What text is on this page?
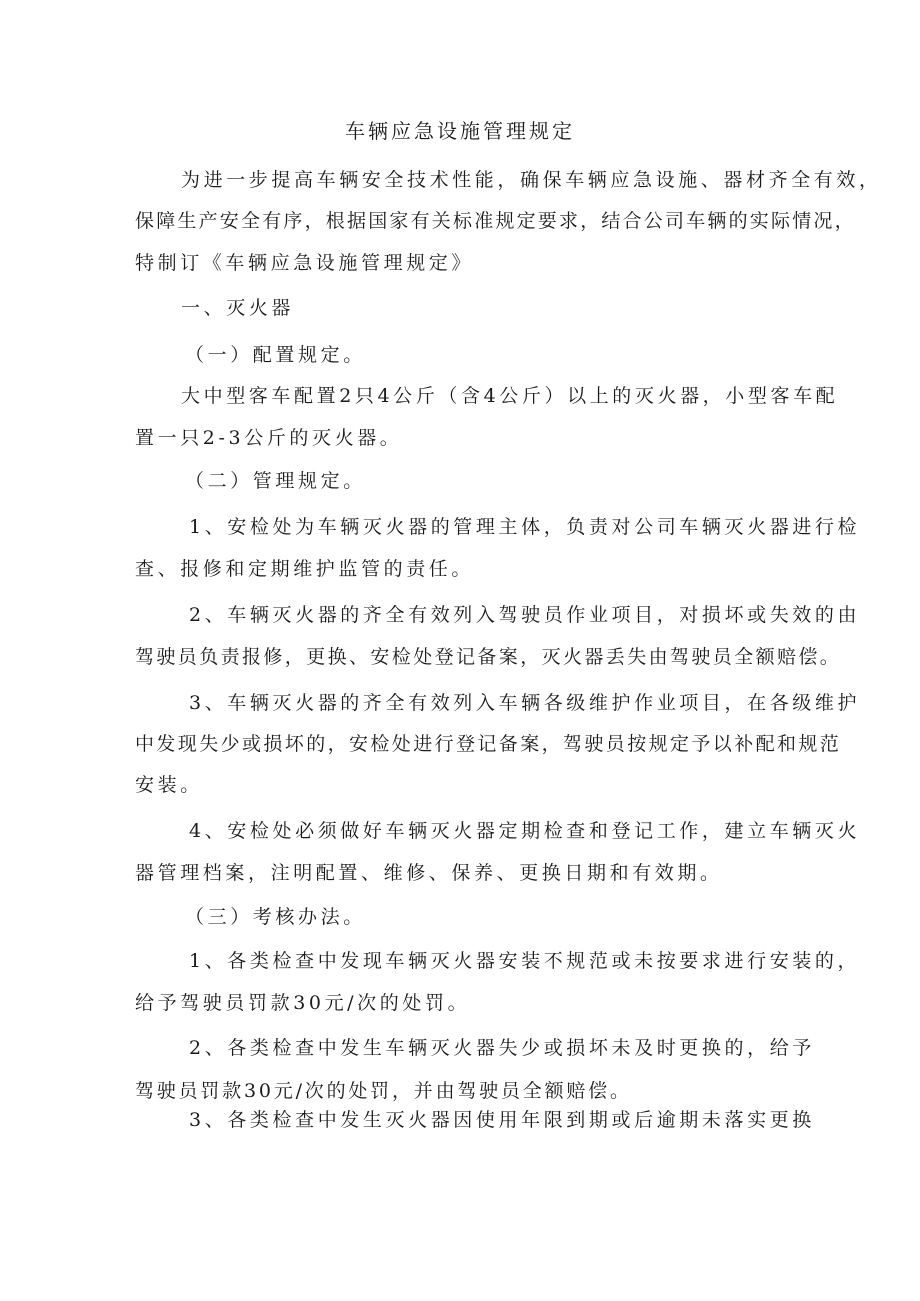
车辆应急设施管理规定
为进一步提高车辆安全技术性能，确保车辆应急设施、器材齐全有效，
保障生产安全有序，根据国家有关标准规定要求，结合公司车辆的实际情况，
特制订《车辆应急设施管理规定》
一、灭火器
（一）配置规定。
大中型客车配置2只4公斤（含4公斤）以上的灭火器，小型客车配
置一只2-3公斤的灭火器。
（二）管理规定。
1、安检处为车辆灭火器的管理主体，负责对公司车辆灭火器进行检
查、报修和定期维护监管的责任。
2、车辆灭火器的齐全有效列入驾驶员作业项目，对损坏或失效的由
驾驶员负责报修，更换、安检处登记备案，灭火器丢失由驾驶员全额赔偿。
3、车辆灭火器的齐全有效列入车辆各级维护作业项目，在各级维护
中发现失少或损坏的，安检处进行登记备案，驾驶员按规定予以补配和规范
安装。
4、安检处必须做好车辆灭火器定期检查和登记工作，建立车辆灭火
器管理档案，注明配置、维修、保养、更换日期和有效期。
（三）考核办法。
1、各类检查中发现车辆灭火器安装不规范或未按要求进行安装的，
给予驾驶员罚款30元/次的处罚。
2、各类检查中发生车辆灭火器失少或损坏未及时更换的，给予
驾驶员罚款30元/次的处罚，并由驾驶员全额赔偿。
3、各类检查中发生灭火器因使用年限到期或后逾期未落实更换
